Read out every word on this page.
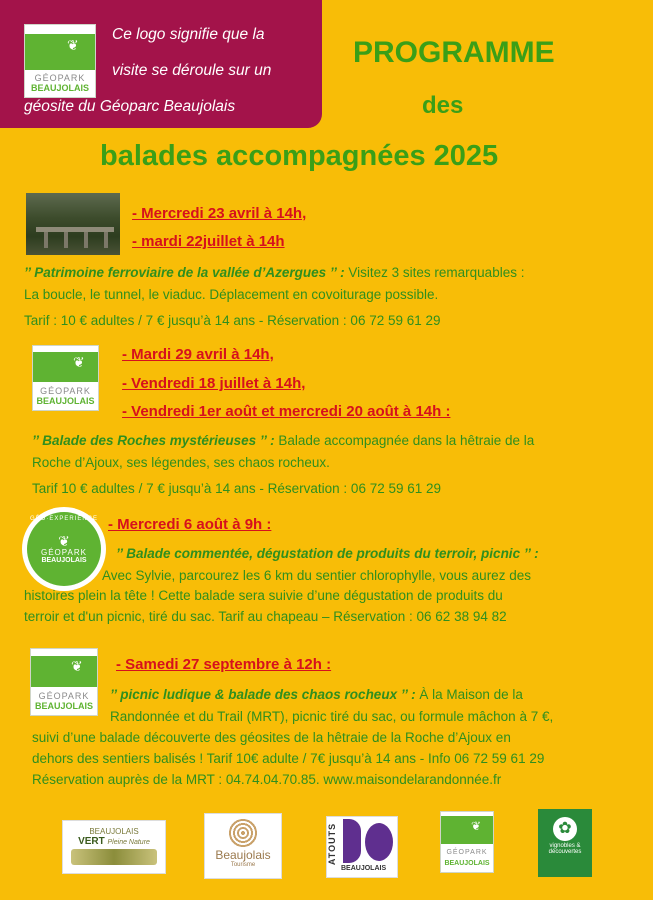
❦
GÉOPARK
BEAUJOLAIS
Ce logo signifie que la
visite se déroule sur un
géosite du Géoparc Beaujolais
PROGRAMME
des
balades accompagnées 2025
- Mercredi 23 avril à 14h,
- mardi 22juillet à 14h
’’ Patrimoine ferroviaire de la vallée d’Azergues ’’ : Visitez 3 sites remarquables :
La boucle, le tunnel, le viaduc. Déplacement en covoiturage possible.
Tarif : 10 € adultes / 7 € jusqu’à 14 ans - Réservation : 06 72 59 61 29
❦
GÉOPARK
BEAUJOLAIS
- Mardi 29 avril à 14h,
- Vendredi 18 juillet à 14h,
- Vendredi 1er août et mercredi 20 août à 14h :
’’ Balade des Roches mystérieuses ’’ : Balade accompagnée dans la hêtraie de la
Roche d’Ajoux, ses légendes, ses chaos rocheux.
Tarif 10 € adultes / 7 € jusqu’à 14 ans - Réservation : 06 72 59 61 29
GÉO·EXPERIENCE
❦
GÉOPARK
BEAUJOLAIS
- Mercredi 6 août à 9h :
’’ Balade commentée, dégustation de produits du terroir, picnic ’’ :
Avec Sylvie, parcourez les 6 km du sentier chlorophylle, vous aurez des
histoires plein la tête ! Cette balade sera suivie d’une dégustation de produits du
terroir et d'un picnic, tiré du sac. Tarif au chapeau – Réservation : 06 62 38 94 82
❦
GÉOPARK
BEAUJOLAIS
- Samedi 27 septembre à 12h :
’’ picnic ludique & balade des chaos rocheux ’’ : À la Maison de la
Randonnée et du Trail (MRT), picnic tiré du sac, ou formule mâchon à 7 €,
suivi d’une balade découverte des géosites de la hêtraie de la Roche d’Ajoux en
dehors des sentiers balisés ! Tarif 10€ adulte / 7€ jusqu’à 14 ans - Info 06 72 59 61 29
Réservation auprès de la MRT : 04.74.04.70.85. www.maisondelarandonnée.fr
BEAUJOLAIS
VERT Pleine Nature
Beaujolais
Tourisme	ATOUTS
BEAUJOLAIS
❦
GÉOPARK
BEAUJOLAIS
✿
vignobles &
découvertes
